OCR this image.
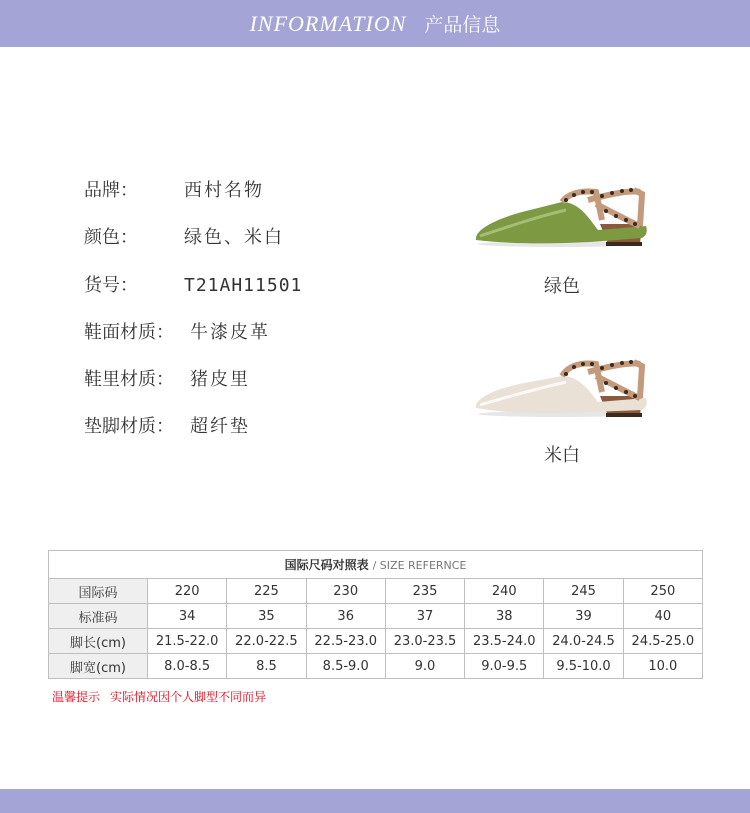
INFORMATION 产品信息
品牌：	西村名物
颜色：	绿色、米白
货号：	T21AH11501
鞋面材质： 牛漆皮革
鞋里材质： 猪皮里
垫脚材质： 超纤垫
绿色
米白
国际尺码对照表 / SIZE REFERNCE							
国际码	220	225	230	235	240	245	250
标准码	34	35	36	37	38	39	40
脚长(cm)	21.5-22.0	22.0-22.5	22.5-23.0	23.0-23.5	23.5-24.0	24.0-24.5	24.5-25.0
脚宽(cm)	8.0-8.5	8.5	8.5-9.0	9.0	9.0-9.5	9.5-10.0	10.0
温馨提示 实际情况因个人脚型不同而异
